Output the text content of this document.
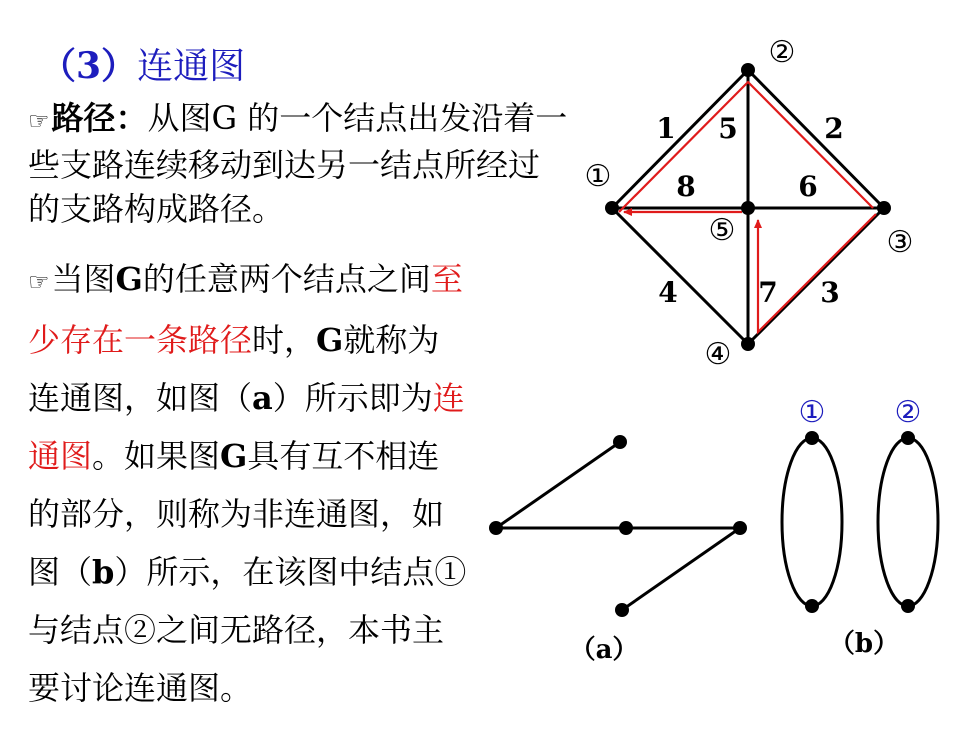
（3）连通图
☞路径：从图G 的一个结点出发沿着一些支路连续移动到达另一结点所经过的支路构成路径。
☞当图G的任意两个结点之间至少存在一条路径时，G就称为连通图，如图（a）所示即为连通图。如果图G具有互不相连的部分，则称为非连通图，如图（b）所示，在该图中结点①与结点②之间无路径，本书主要讨论连通图。
①
②
③
④
⑤
1	2
3
4
5
6
7
8
（a）
① ②
（b）
